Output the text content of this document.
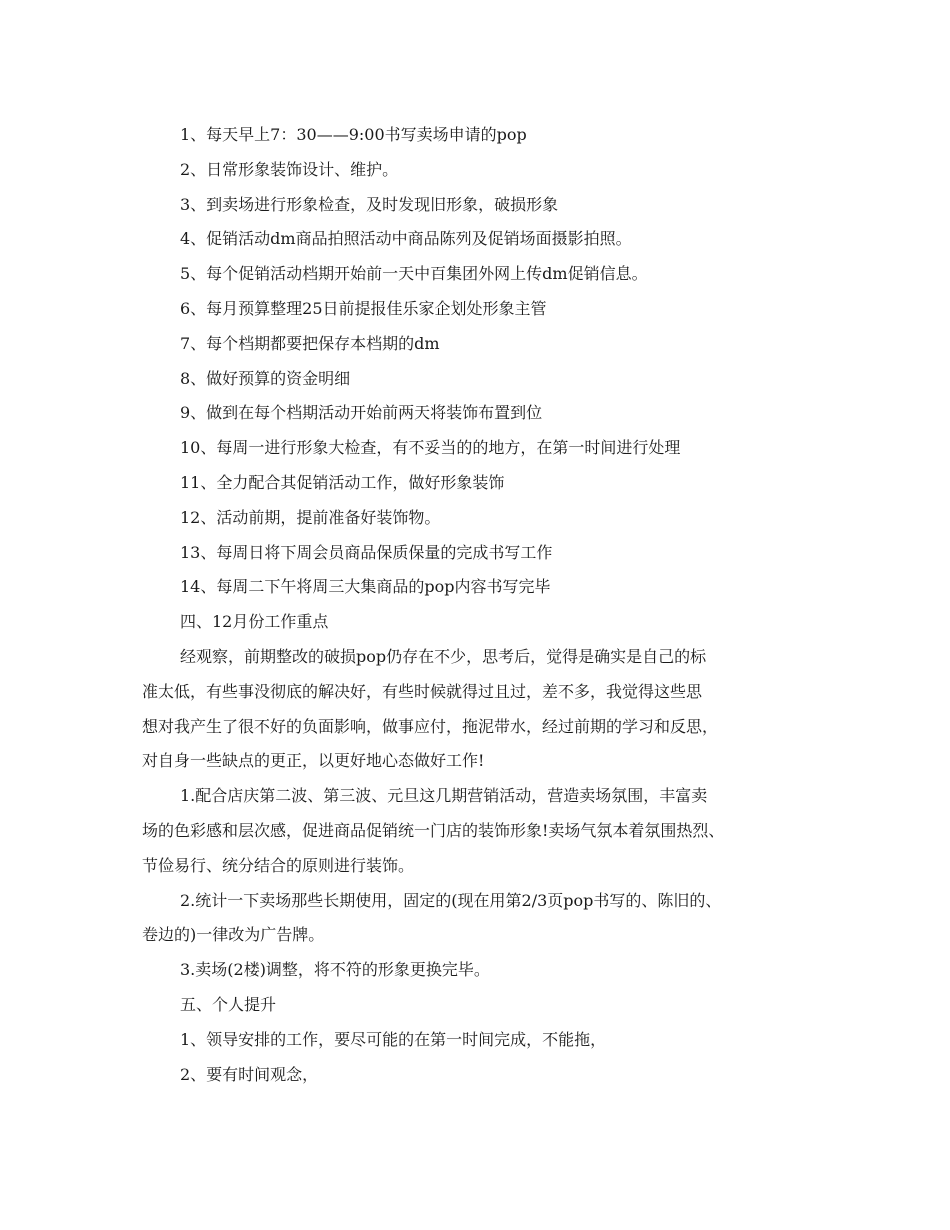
1、每天早上7：30——9:00书写卖场申请的pop
2、日常形象装饰设计、维护。
3、到卖场进行形象检查，及时发现旧形象，破损形象
4、促销活动dm商品拍照活动中商品陈列及促销场面摄影拍照。
5、每个促销活动档期开始前一天中百集团外网上传dm促销信息。
6、每月预算整理25日前提报佳乐家企划处形象主管
7、每个档期都要把保存本档期的dm
8、做好预算的资金明细
9、做到在每个档期活动开始前两天将装饰布置到位
10、每周一进行形象大检查，有不妥当的的地方，在第一时间进行处理
11、全力配合其促销活动工作，做好形象装饰
12、活动前期，提前准备好装饰物。
13、每周日将下周会员商品保质保量的完成书写工作
14、每周二下午将周三大集商品的pop内容书写完毕
四、12月份工作重点
经观察，前期整改的破损pop仍存在不少，思考后，觉得是确实是自己的标
准太低，有些事没彻底的解决好，有些时候就得过且过，差不多，我觉得这些思
想对我产生了很不好的负面影响，做事应付，拖泥带水，经过前期的学习和反思，
对自身一些缺点的更正，以更好地心态做好工作!
1.配合店庆第二波、第三波、元旦这几期营销活动，营造卖场氛围，丰富卖
场的色彩感和层次感，促进商品促销统一门店的装饰形象!卖场气氛本着氛围热烈、
节俭易行、统分结合的原则进行装饰。
2.统计一下卖场那些长期使用，固定的(现在用第2/3页pop书写的、陈旧的、
卷边的)一律改为广告牌。
3.卖场(2楼)调整，将不符的形象更换完毕。
五、个人提升
1、领导安排的工作，要尽可能的在第一时间完成，不能拖，
2、要有时间观念，
